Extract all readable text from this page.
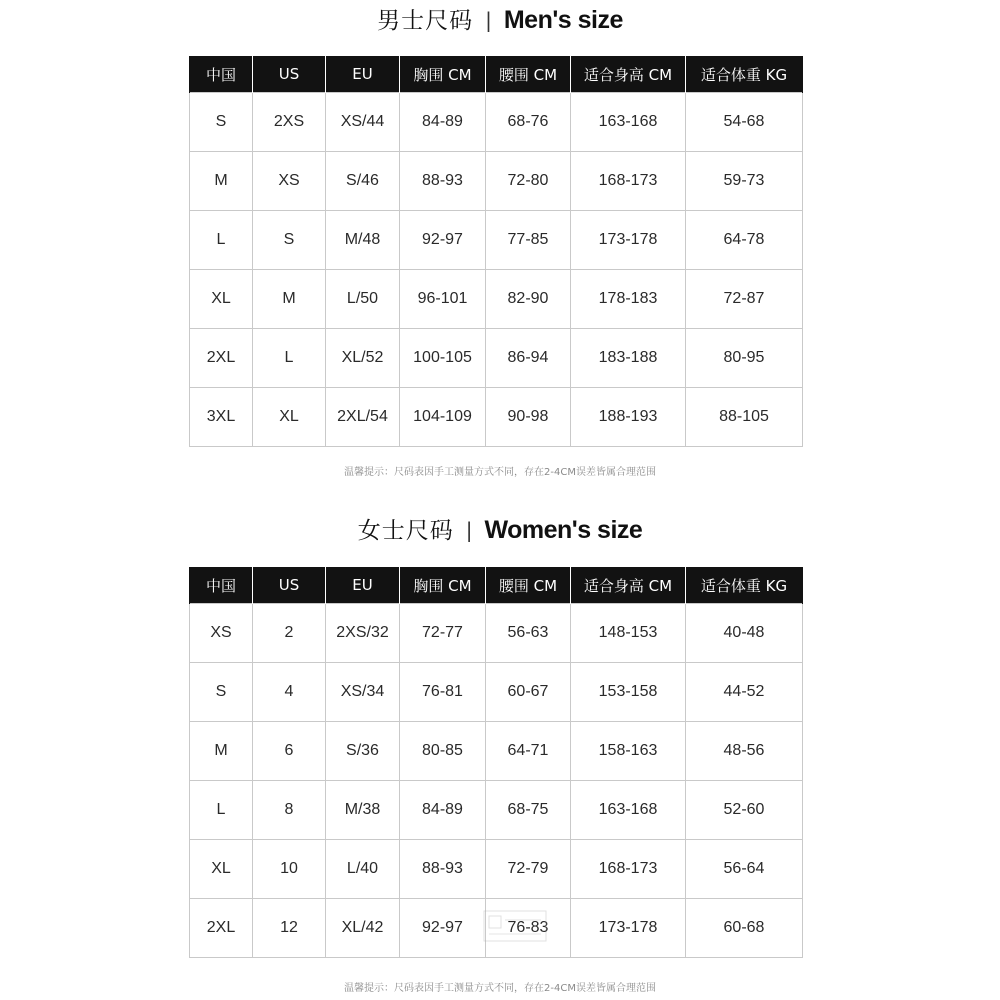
男士尺码 | Men's size
中国	US	EU	胸围 CM	腰围 CM	适合身高 CM	适合体重 KG
S	2XS	XS/44	84-89	68-76	163-168	54-68
M	XS	S/46	88-93	72-80	168-173	59-73
L	S	M/48	92-97	77-85	173-178	64-78
XL	M	L/50	96-101	82-90	178-183	72-87
2XL	L	XL/52	100-105	86-94	183-188	80-95
3XL	XL	2XL/54	104-109	90-98	188-193	88-105
温馨提示：尺码表因手工测量方式不同，存在2-4CM误差皆属合理范围
女士尺码 | Women's size
中国	US	EU	胸围 CM	腰围 CM	适合身高 CM	适合体重 KG
XS	2	2XS/32	72-77	56-63	148-153	40-48
S	4	XS/34	76-81	60-67	153-158	44-52
M	6	S/36	80-85	64-71	158-163	48-56
L	8	M/38	84-89	68-75	163-168	52-60
XL	10	L/40	88-93	72-79	168-173	56-64
2XL	12	XL/42	92-97	76-83	173-178	60-68
温馨提示：尺码表因手工测量方式不同，存在2-4CM误差皆属合理范围
